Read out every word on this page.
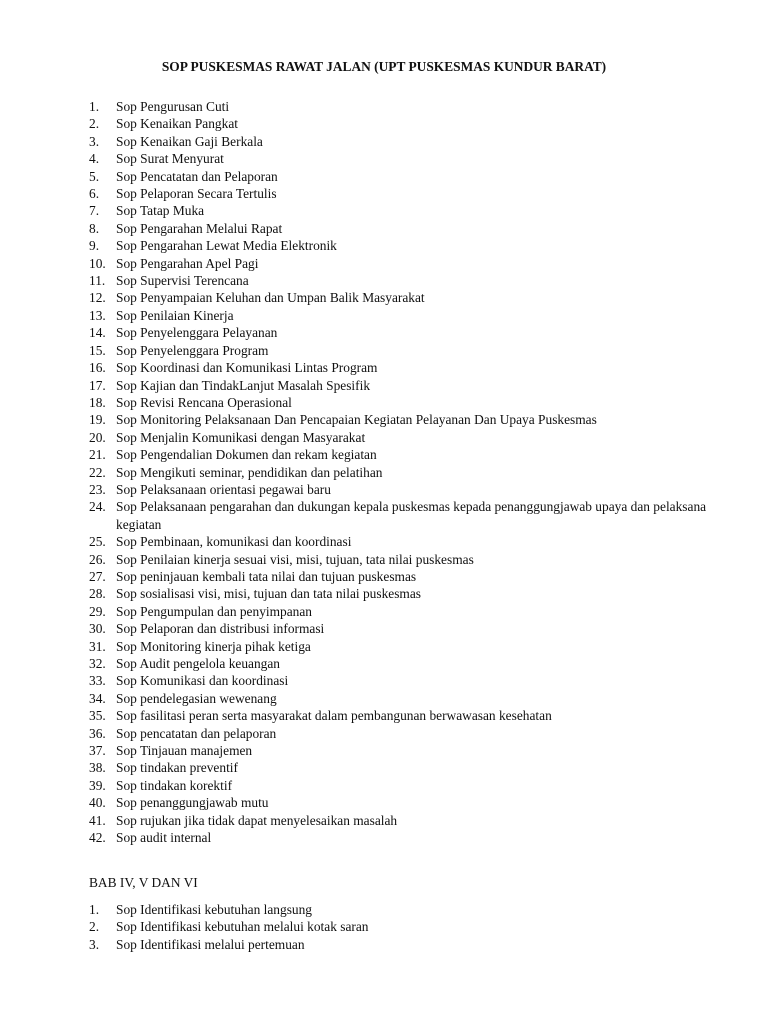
SOP PUSKESMAS RAWAT JALAN (UPT PUSKESMAS KUNDUR BARAT)
1.	Sop Pengurusan Cuti
2.	Sop Kenaikan Pangkat
3.	Sop Kenaikan Gaji Berkala
4.	Sop Surat Menyurat
5.	Sop Pencatatan dan Pelaporan
6.	Sop Pelaporan Secara Tertulis
7.	Sop Tatap Muka
8.	Sop Pengarahan Melalui Rapat
9.	Sop Pengarahan Lewat Media Elektronik
10. Sop Pengarahan Apel Pagi
11. Sop Supervisi Terencana
12. Sop Penyampaian Keluhan dan Umpan Balik Masyarakat
13. Sop Penilaian Kinerja
14. Sop Penyelenggara Pelayanan
15. Sop Penyelenggara Program
16. Sop Koordinasi dan Komunikasi Lintas Program
17. Sop Kajian dan TindakLanjut Masalah Spesifik
18. Sop Revisi Rencana Operasional
19. Sop Monitoring Pelaksanaan Dan Pencapaian Kegiatan Pelayanan Dan Upaya Puskesmas
20. Sop Menjalin Komunikasi dengan Masyarakat
21. Sop Pengendalian Dokumen dan rekam kegiatan
22. Sop Mengikuti seminar, pendidikan dan pelatihan
23. Sop Pelaksanaan orientasi pegawai baru
24. Sop Pelaksanaan pengarahan dan dukungan kepala puskesmas kepada penanggungjawab upaya dan pelaksana kegiatan
25. Sop Pembinaan, komunikasi dan koordinasi
26. Sop Penilaian kinerja sesuai visi, misi, tujuan, tata nilai puskesmas
27. Sop peninjauan kembali tata nilai dan tujuan puskesmas
28. Sop sosialisasi visi, misi, tujuan dan tata nilai puskesmas
29. Sop Pengumpulan dan penyimpanan
30. Sop Pelaporan dan distribusi informasi
31. Sop Monitoring kinerja pihak ketiga
32. Sop Audit pengelola keuangan
33. Sop Komunikasi dan koordinasi
34. Sop pendelegasian wewenang
35. Sop fasilitasi peran serta masyarakat dalam pembangunan berwawasan kesehatan
36. Sop pencatatan dan pelaporan
37. Sop Tinjauan manajemen
38. Sop tindakan preventif
39. Sop tindakan korektif
40. Sop penanggungjawab mutu
41. Sop rujukan jika tidak dapat menyelesaikan masalah
42. Sop audit internal
BAB IV, V DAN VI
1.	Sop Identifikasi kebutuhan langsung
2.	Sop Identifikasi kebutuhan melalui kotak saran
3.	Sop Identifikasi melalui pertemuan
